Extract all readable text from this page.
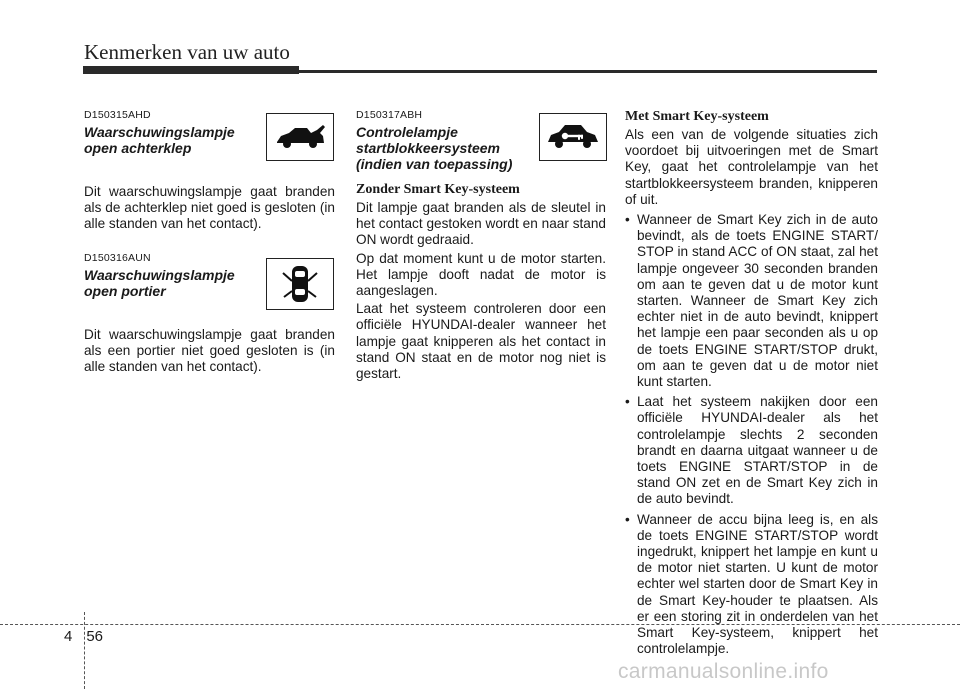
Kenmerken van uw auto
D150315AHD
Waarschuwingslampje open achterklep

Dit waarschuwingslampje gaat branden als de achterklep niet goed is gesloten (in alle standen van het contact).

D150316AUN
Waarschuwingslampje open portier

Dit waarschuwingslampje gaat branden als een portier niet goed gesloten is (in alle standen van het contact).

D150317ABH
Controlelampje startblokkeersysteem (indien van toepassing)
Zonder Smart Key-systeem

Dit lampje gaat branden als de sleutel in het contact gestoken wordt en naar stand ON wordt gedraaid.

Op dat moment kunt u de motor starten. Het lampje dooft nadat de motor is aangeslagen.

Laat het systeem controleren door een officiële HYUNDAI-dealer wanneer het lampje gaat knipperen als het contact in stand ON staat en de motor nog niet is gestart.

Met Smart Key-systeem

Als een van de volgende situaties zich voordoet bij uitvoeringen met de Smart Key, gaat het controlelampje van het startblokkeersysteem branden, knipperen of uit.

• Wanneer de Smart Key zich in de auto bevindt, als de toets ENGINE START/ STOP in stand ACC of ON staat, zal het lampje ongeveer 30 seconden branden om aan te geven dat u de motor kunt starten. Wanneer de Smart Key zich echter niet in de auto bevindt, knippert het lampje een paar seconden als u op de toets ENGINE START/STOP drukt, om aan te geven dat u de motor niet kunt starten.
• Laat het systeem nakijken door een officiële HYUNDAI-dealer als het controlelampje slechts 2 seconden brandt en daarna uitgaat wanneer u de toets ENGINE START/STOP in de stand ON zet en de Smart Key zich in de auto bevindt.
• Wanneer de accu bijna leeg is, en als de toets ENGINE START/STOP wordt ingedrukt, knippert het lampje en kunt u de motor niet starten. U kunt de motor echter wel starten door de Smart Key in de Smart Key-houder te plaatsen. Als er een storing zit in onderdelen van het Smart Key-systeem, knippert het controlelampje.
4 56
carmanualsonline.info
